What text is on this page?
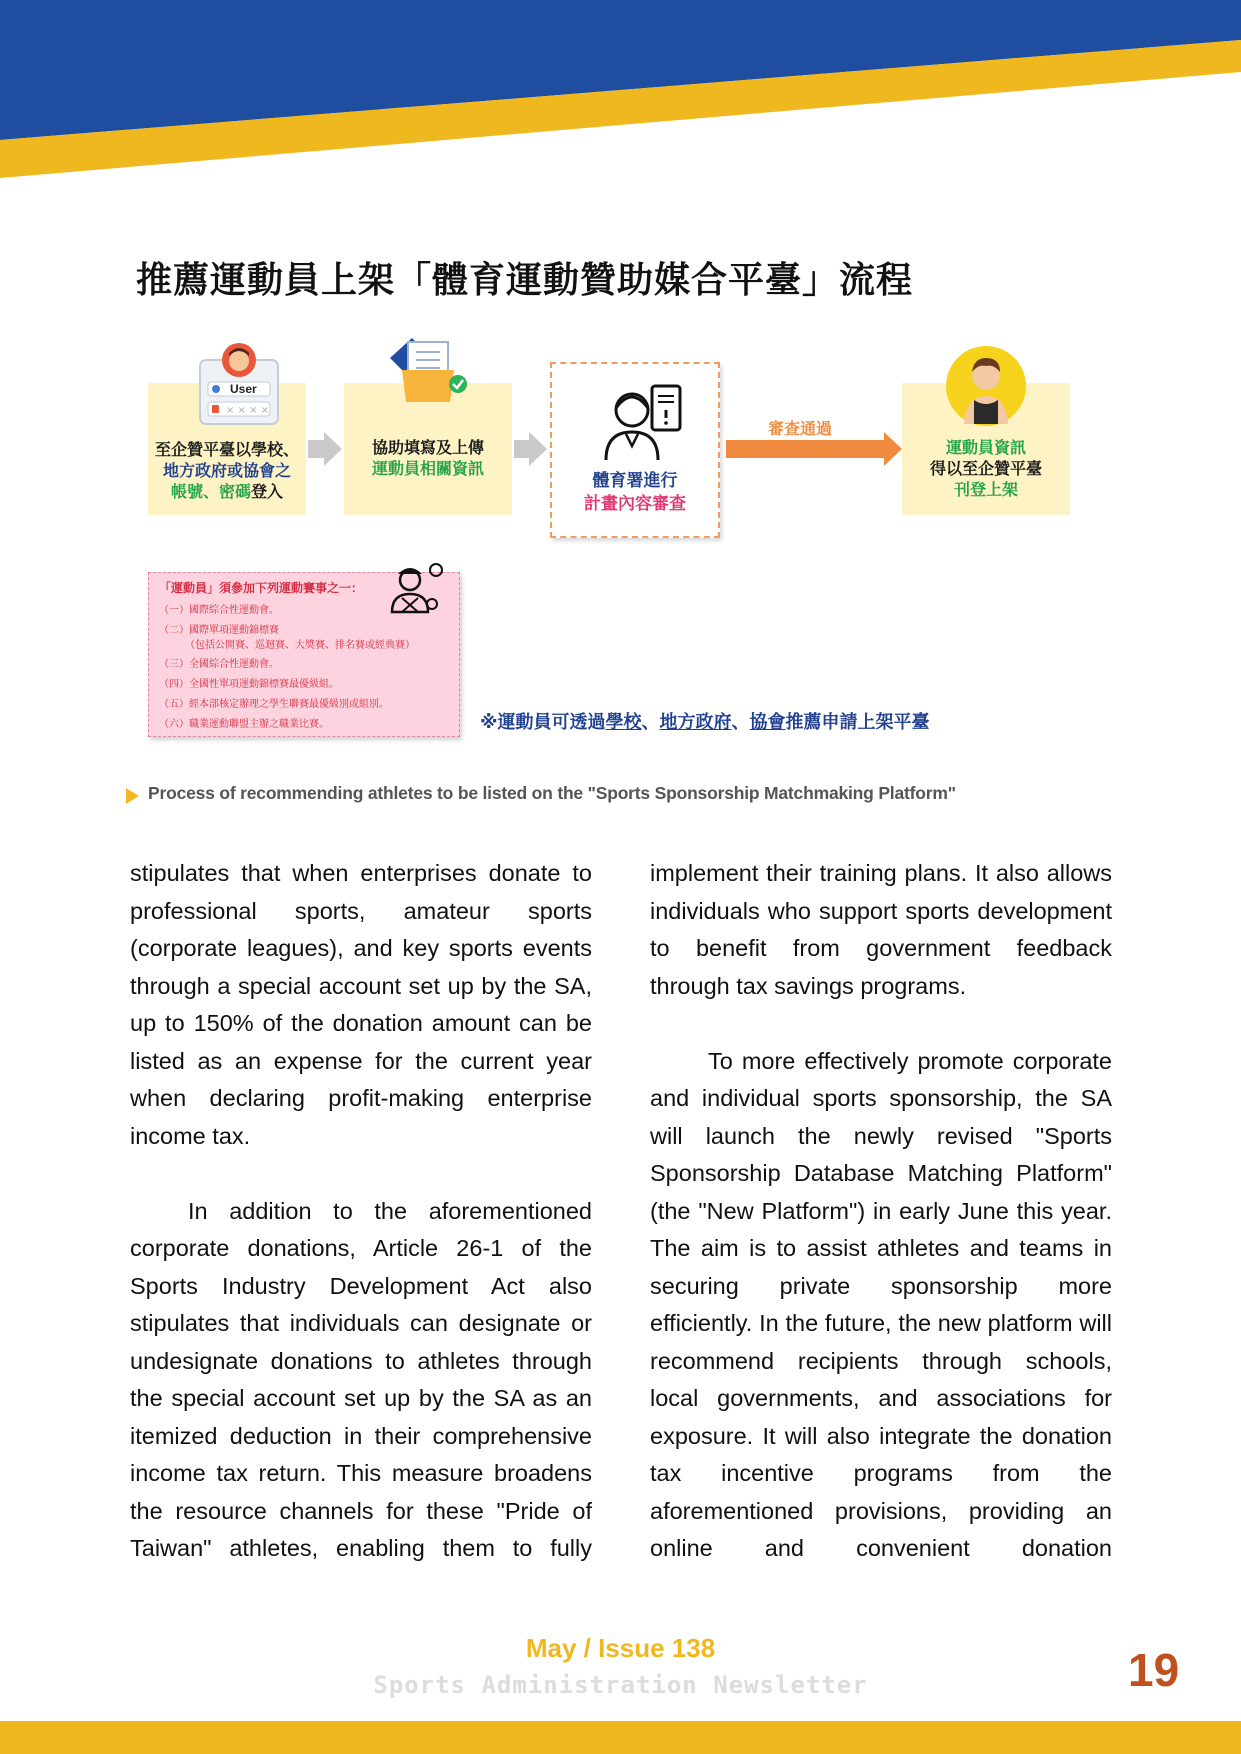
推薦運動員上架「體育運動贊助媒合平臺」流程
至企贊平臺以學校、
地方政府或協會之
帳號、密碼登入
× × × ×
User
協助填寫及上傳
運動員相關資訊
體育署進行
計畫內容審查
審查通過
運動員資訊
得以至企贊平臺
刊登上架
「運動員」須參加下列運動賽事之一：
（一）國際綜合性運動會。
（二）國際單項運動錦標賽
（包括公開賽、巡迴賽、大獎賽、排名賽或經典賽）
（三）全國綜合性運動會。
（四）全國性單項運動錦標賽最優級組。
（五）經本部核定辦理之學生聯賽最優級別或組別。
（六）職業運動聯盟主辦之職業比賽。	※運動員可透過學校、地方政府、協會推薦申請上架平臺
Process of recommending athletes to be listed on the "Sports Sponsorship Matchmaking Platform"

stipulates that when enterprises donate to professional sports, amateur sports (corporate leagues), and key sports events through a special account set up by the SA, up to 150% of the donation amount can be listed as an expense for the current year when declaring profit-making enterprise income tax.

In addition to the aforementioned corporate donations, Article 26-1 of the Sports Industry Development Act also stipulates that individuals can designate or undesignate donations to athletes through the special account set up by the SA as an itemized deduction in their comprehensive income tax return. This measure broadens the resource channels for these "Pride of Taiwan" athletes, enabling them to fully

implement their training plans. It also allows individuals who support sports development to benefit from government feedback through tax savings programs.

To more effectively promote corporate and individual sports sponsorship, the SA will launch the newly revised "Sports Sponsorship Database Matching Platform" (the "New Platform") in early June this year. The aim is to assist athletes and teams in securing private sponsorship more efficiently. In the future, the new platform will recommend recipients through schools, local governments, and associations for exposure. It will also integrate the donation tax incentive programs from the aforementioned provisions, providing an online and convenient donation

May / Issue 138
Sports Administration Newsletter	19
